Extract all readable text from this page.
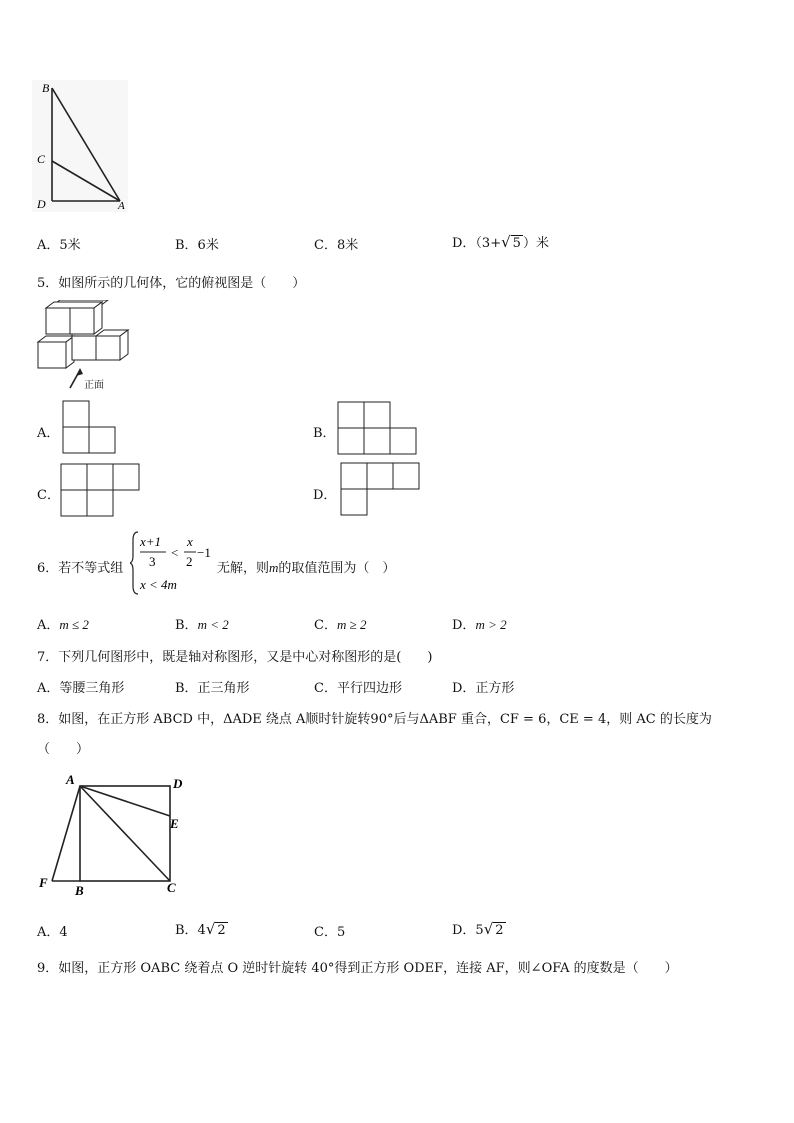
B
C
D	A
A．5米	B．6米	C．8米	D．（3+√ 5 ）米
5．如图所示的几何体，它的俯视图是（　　）
正面
A．	B．
C．	D．
6．若不等式组
x+1
3
<
x
2
−1
x < 4m
无解，则m的取值范围为（　）
A．m ≤ 2	B．m < 2	C．m ≥ 2	D．m > 2
7．下列几何图形中，既是轴对称图形，又是中心对称图形的是(　　)
A．等腰三角形	B．正三角形	C．平行四边形	D．正方形
8．如图，在正方形 ABCD 中，ΔADE 绕点 A顺时针旋转90°后与ΔABF 重合，CF = 6，CE = 4，则 AC 的长度为
（　　）
A	D
E
F
B	C
A．4	B．4√ 2	C．5	D．5√ 2
9．如图，正方形 OABC 绕着点 O 逆时针旋转 40°得到正方形 ODEF，连接 AF，则∠OFA 的度数是（　　）
